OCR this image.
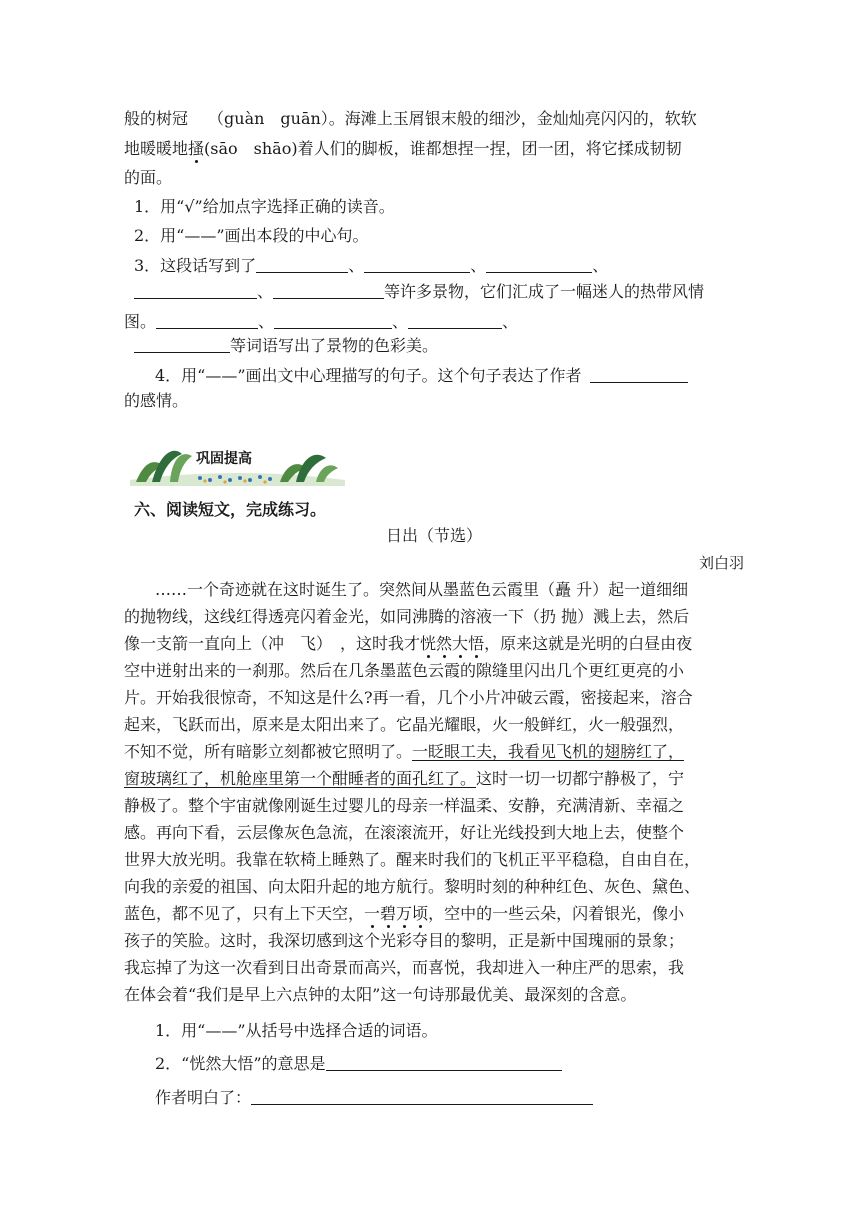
般的树冠 （guàn　guān）。海滩上玉屑银末般的细沙，金灿灿亮闪闪的，软软
地暖暖地搔(sāo　shāo)着人们的脚板，谁都想捏一捏，团一团，将它揉成韧韧
的面。
1．用“√”给加点字选择正确的读音。
2．用“——”画出本段的中心句。
3．这段话写到了	、	、	、
、	等许多景物，它们汇成了一幅迷人的热带风情
图。	、	、	、
等词语写出了景物的色彩美。
4．用“——”画出文中心理描写的句子。这个句子表达了作者
的感情。
巩固提高
六、阅读短文，完成练习。
日出（节选）
刘白羽
……一个奇迹就在这时诞生了。突然间从墨蓝色云霞里（矗 升）起一道细细
的抛物线，这线红得透亮闪着金光，如同沸腾的溶液一下（扔 抛）溅上去，然后
像一支箭一直向上（冲　飞）　，这时我才恍然大悟，原来这就是光明的白昼由夜
空中迸射出来的一刹那。然后在几条墨蓝色云霞的隙缝里闪出几个更红更亮的小
片。开始我很惊奇，不知这是什么?再一看，几个小片冲破云霞，密接起来，溶合
起来，飞跃而出，原来是太阳出来了。它晶光耀眼，火一般鲜红，火一般强烈，
不知不觉，所有暗影立刻都被它照明了。一眨眼工夫，我看见飞机的翅膀红了，
窗玻璃红了，机舱座里第一个酣睡者的面孔红了。这时一切一切都宁静极了，宁
静极了。整个宇宙就像刚诞生过婴儿的母亲一样温柔、安静，充满清新、幸福之
感。再向下看，云层像灰色急流，在滚滚流开，好让光线投到大地上去，使整个
世界大放光明。我靠在软椅上睡熟了。醒来时我们的飞机正平平稳稳，自由自在，
向我的亲爱的祖国、向太阳升起的地方航行。黎明时刻的种种红色、灰色、黛色、
蓝色，都不见了，只有上下天空，一碧万顷，空中的一些云朵，闪着银光，像小
孩子的笑脸。这时，我深切感到这个光彩夺目的黎明，正是新中国瑰丽的景象；
我忘掉了为这一次看到日出奇景而高兴，而喜悦，我却进入一种庄严的思索，我
在体会着“我们是早上六点钟的太阳”这一句诗那最优美、最深刻的含意。
1．用“——”从括号中选择合适的词语。
2．“恍然大悟”的意思是
作者明白了：
